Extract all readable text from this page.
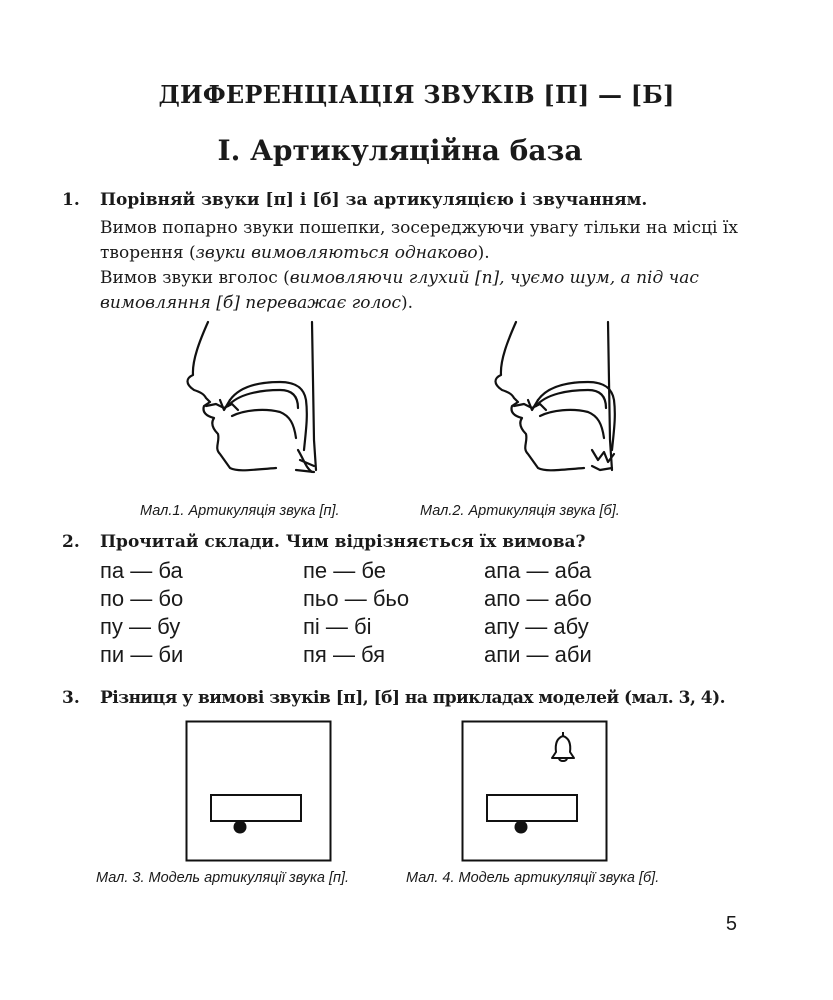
ДИФЕРЕНЦІАЦІЯ ЗВУКІВ [П] — [Б]
І. Артикуляційна база
1. Порівняй звуки [п] і [б] за артикуляцією і звучанням.
Вимов попарно звуки пошепки, зосереджуючи увагу тільки на місці їх творення (звуки вимовляються однаково).
Вимов звуки вголос (вимовляючи глухий [п], чуємо шум, а під час вимовляння [б] переважає голос).
Мал.1. Артикуляція звука [п].	Мал.2. Артикуляція звука [б].
2. Прочитай склади. Чим відрізняється їх вимова?
па — ба
по — бо
пу — бу
пи — би
пе — бе
пьо — бьо
пі — бі
пя — бя
апа — аба
апо — або
апу — абу
апи — аби
3. Різниця у вимові звуків [п], [б] на прикладах моделей (мал. 3, 4).
Мал. 3. Модель артикуляції звука [п].	Мал. 4. Модель артикуляції звука [б].
5
